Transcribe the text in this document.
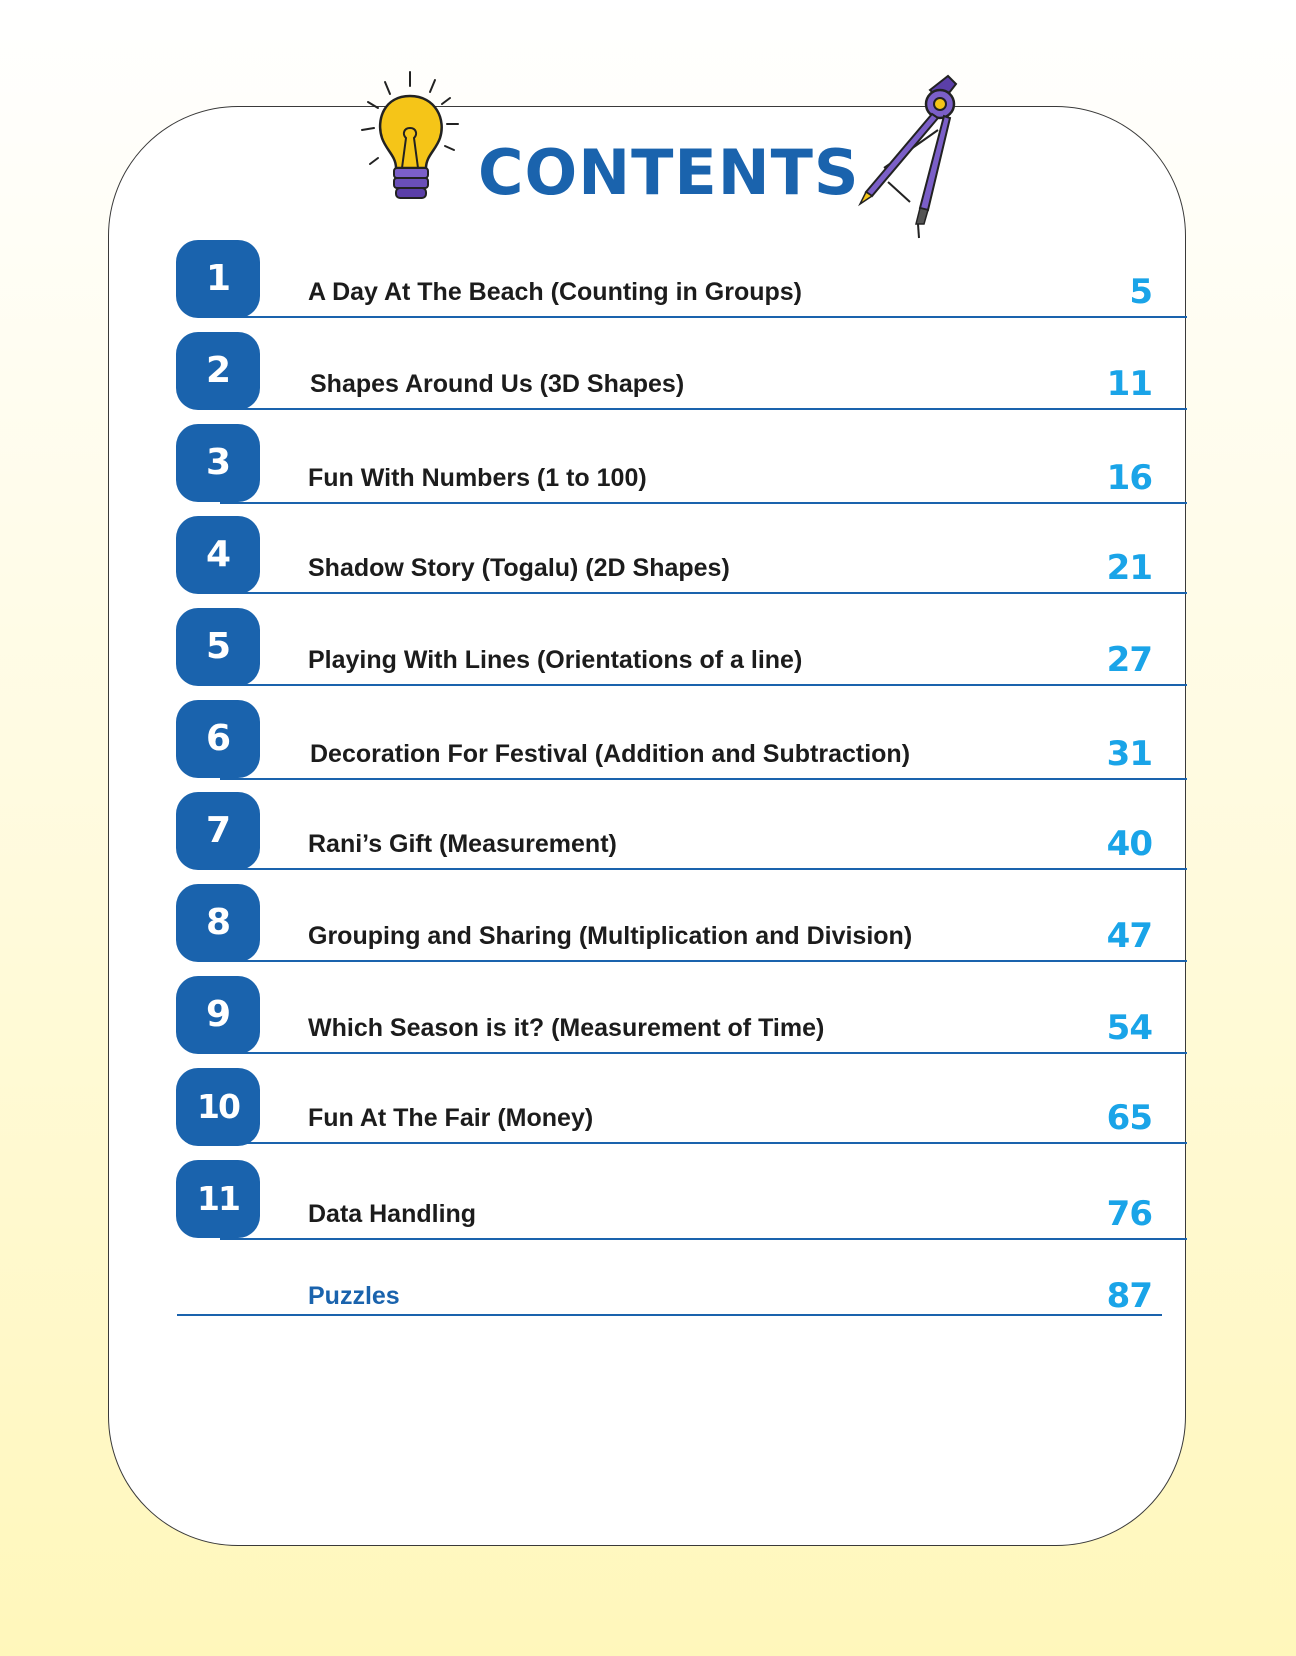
CONTENTS
1	A Day At The Beach (Counting in Groups)	5
2	Shapes Around Us (3D Shapes)	11
3	Fun With Numbers (1 to 100)	16
4	Shadow Story (Togalu) (2D Shapes)	21
5	Playing With Lines (Orientations of a line)	27
6	Decoration For Festival (Addition and Subtraction)	31
7	Rani’s Gift (Measurement)	40
8	Grouping and Sharing (Multiplication and Division)	47
9	Which Season is it? (Measurement of Time)	54
10	Fun At The Fair (Money)	65
11	Data Handling	76
Puzzles	87
